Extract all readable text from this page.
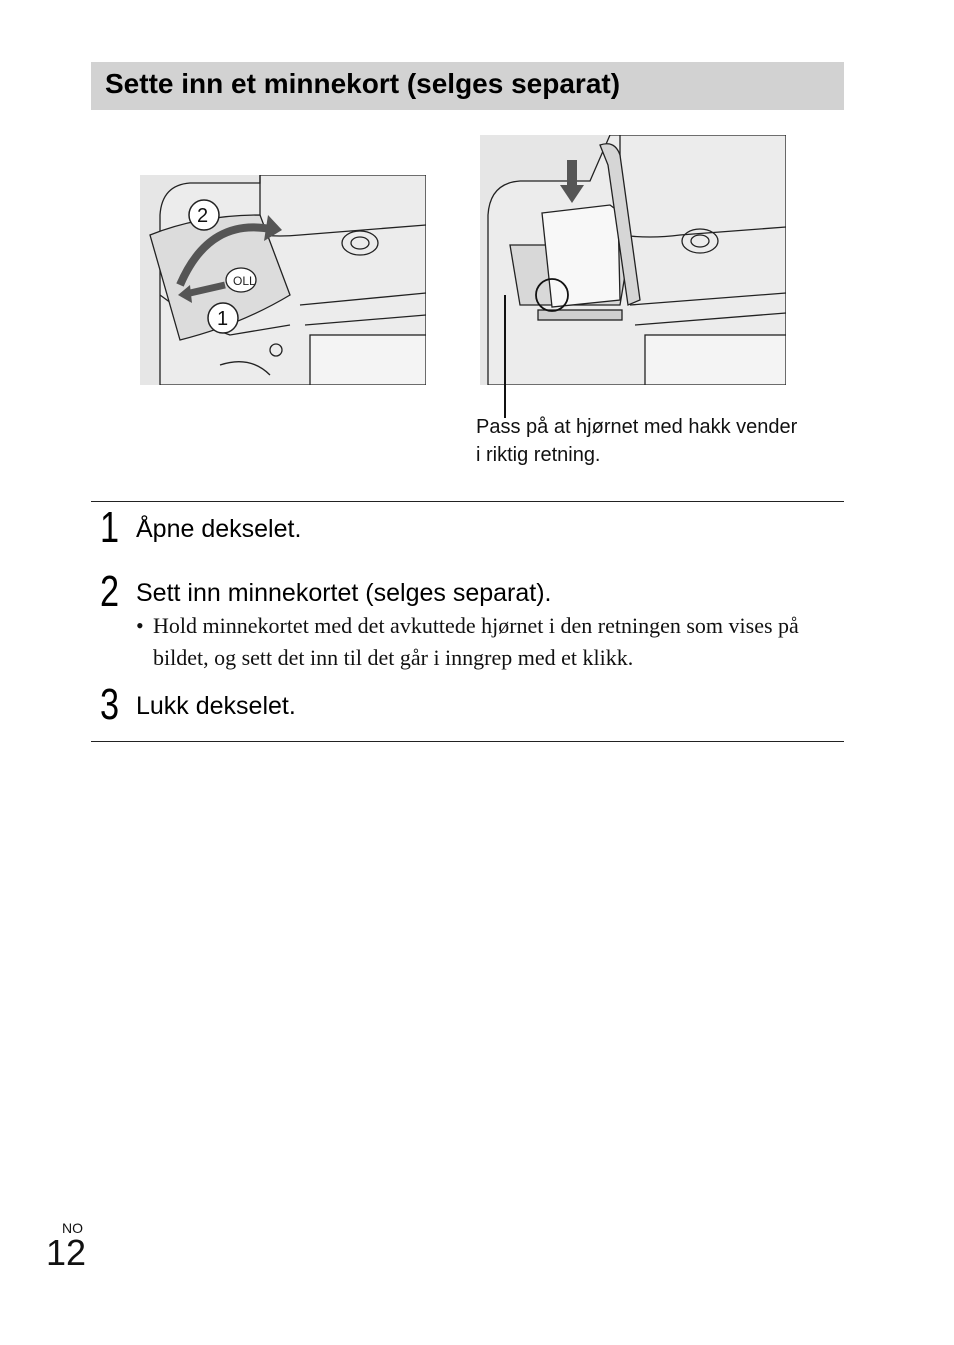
Sette inn et minnekort (selges separat)
OLL
2
1
Pass på at hjørnet med hakk vender i riktig retning.
1 Åpne dekselet.
2 Sett inn minnekortet (selges separat).
• Hold minnekortet med det avkuttede hjørnet i den retningen som vises på bildet, og sett det inn til det går i inngrep med et klikk.
3 Lukk dekselet.
NO
12
